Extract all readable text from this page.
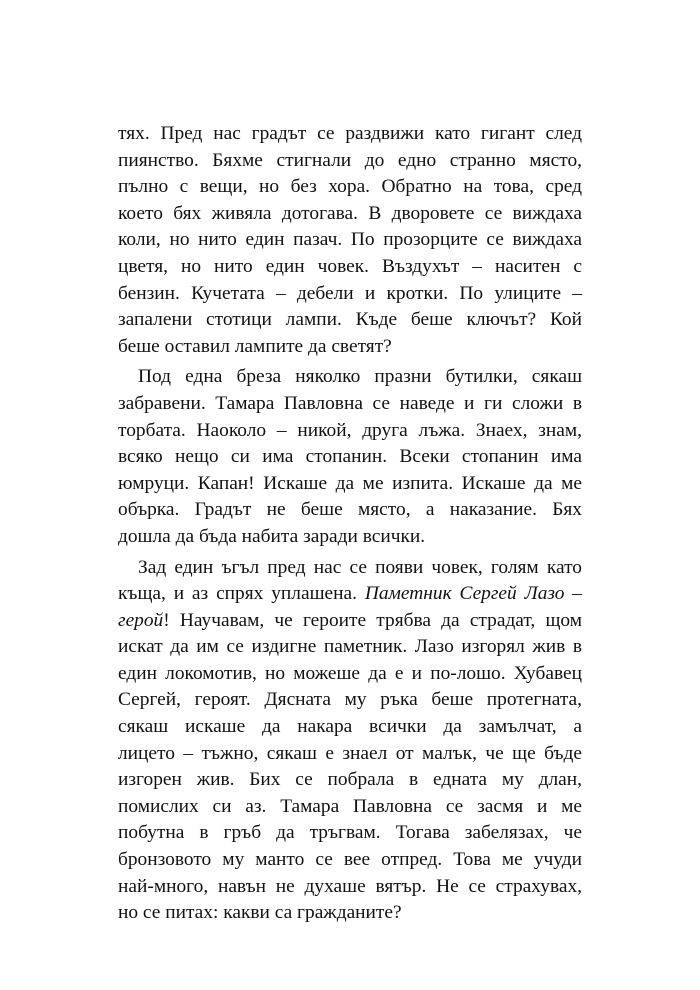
тях. Пред нас градът се раздвижи като гигант след
пиянство. Бяхме стигнали до едно странно място,
пълно с вещи, но без хора. Обратно на това, сред
което бях живяла дотогава. В дворовете се виждаха
коли, но нито един пазач. По прозорците се виждаха
цветя, но нито един човек. Въздухът – наситен с
бензин. Кучетата – дебели и кротки. По улиците –
запалени стотици лампи. Къде беше ключът? Кой
беше оставил лампите да светят?

Под една бреза няколко празни бутилки, сякаш
забравени. Тамара Павловна се наведе и ги сложи в
торбата. Наоколо – никой, друга лъжа. Знаех, знам,
всяко нещо си има стопанин. Всеки стопанин има
юмруци. Капан! Искаше да ме изпита. Искаше да ме
обърка. Градът не беше място, а наказание. Бях
дошла да бъда набита заради всички.

Зад един ъгъл пред нас се появи човек, голям като
къща, и аз спрях уплашена. Паметник Сергей Лазо –
герой! Научавам, че героите трябва да страдат, щом
искат да им се издигне паметник. Лазо изгорял жив в
един локомотив, но можеше да е и по-лошо. Хубавец
Сергей, героят. Дясната му ръка беше протегната,
сякаш искаше да накара всички да замълчат, а
лицето – тъжно, сякаш е знаел от малък, че ще бъде
изгорен жив. Бих се побрала в едната му длан,
помислих си аз. Тамара Павловна се засмя и ме
побутна в гръб да тръгвам. Тогава забелязах, че
бронзовото му манто се вее отпред. Това ме учуди
най-много, навън не духаше вятър. Не се страхувах,
но се питах: какви са гражданите?
